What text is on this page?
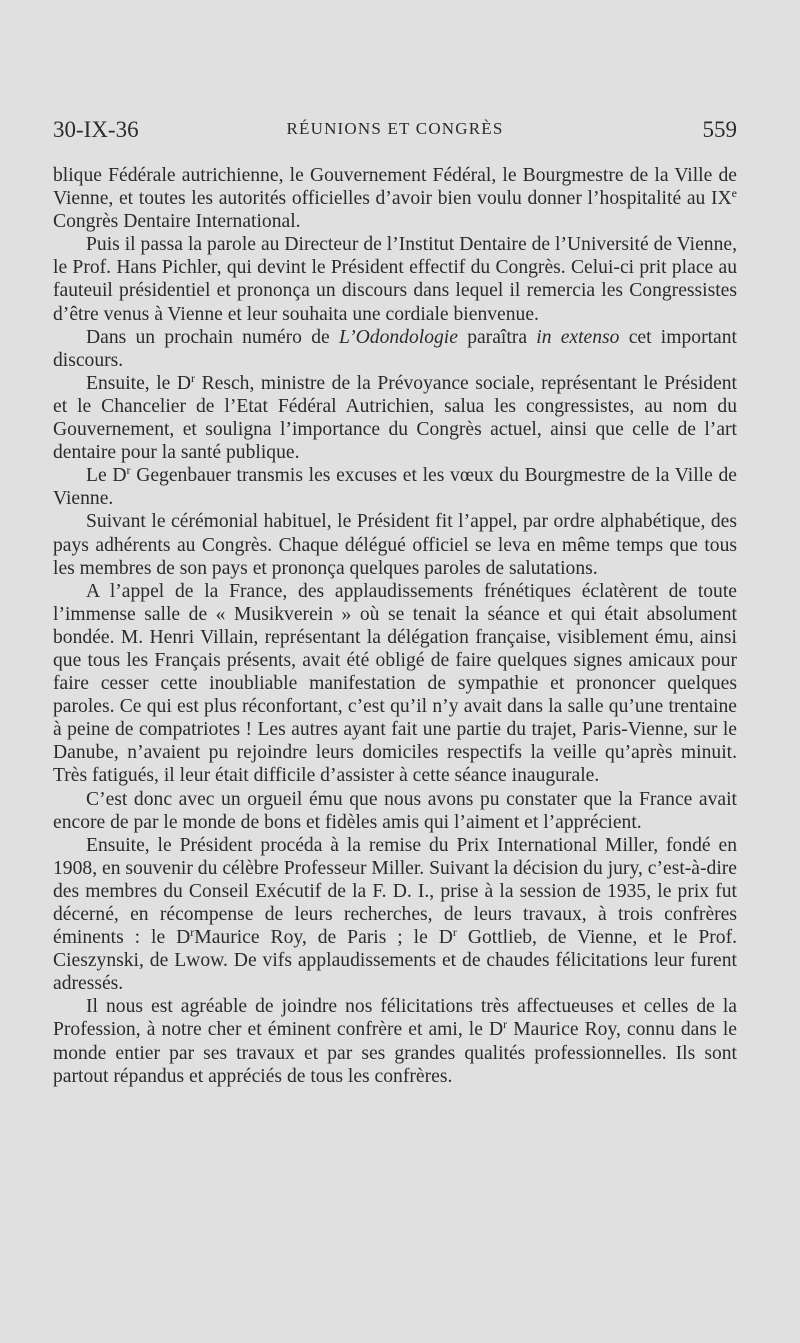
30-IX-36	RÉUNIONS ET CONGRÈS	559

blique Fédérale autrichienne, le Gouvernement Fédéral, le Bourgmestre de la Ville de Vienne, et toutes les autorités officielles d’avoir bien voulu donner l’hospitalité au IXe Congrès Dentaire International.

Puis il passa la parole au Directeur de l’Institut Dentaire de l’Université de Vienne, le Prof. Hans Pichler, qui devint le Président effectif du Congrès. Celui-ci prit place au fauteuil présidentiel et prononça un discours dans lequel il remercia les Congressistes d’être venus à Vienne et leur souhaita une cordiale bienvenue.

Dans un prochain numéro de L’Odondologie paraîtra in extenso cet important discours.

Ensuite, le $D^r$ Resch, ministre de la Prévoyance sociale, représentant le Président et le Chancelier de l’Etat Fédéral Autrichien, salua les congressistes, au nom du Gouvernement, et souligna l’importance du Congrès actuel, ainsi que celle de l’art dentaire pour la santé publique.

Le $D^r$ Gegenbauer transmis les excuses et les vœux du Bourgmestre de la Ville de Vienne.

Suivant le cérémonial habituel, le Président fit l’appel, par ordre alphabétique, des pays adhérents au Congrès. Chaque délégué officiel se leva en même temps que tous les membres de son pays et prononça quelques paroles de salutations.

A l’appel de la France, des applaudissements frénétiques éclatèrent de toute l’immense salle de « Musikverein » où se tenait la séance et qui était absolument bondée. M. Henri Villain, représentant la délégation française, visiblement ému, ainsi que tous les Français présents, avait été obligé de faire quelques signes amicaux pour faire cesser cette inoubliable manifestation de sympathie et prononcer quelques paroles. Ce qui est plus réconfortant, c’est qu’il n’y avait dans la salle qu’une trentaine à peine de compatriotes ! Les autres ayant fait une partie du trajet, Paris-Vienne, sur le Danube, n’avaient pu rejoindre leurs domiciles respectifs la veille qu’après minuit. Très fatigués, il leur était difficile d’assister à cette séance inaugurale.

C’est donc avec un orgueil ému que nous avons pu constater que la France avait encore de par le monde de bons et fidèles amis qui l’aiment et l’apprécient.

Ensuite, le Président procéda à la remise du Prix International Miller, fondé en 1908, en souvenir du célèbre Professeur Miller. Suivant la décision du jury, c’est-à-dire des membres du Conseil Exécutif de la F. D. I., prise à la session de 1935, le prix fut décerné, en récompense de leurs recherches, de leurs travaux, à trois confrères éminents : le $D^rMaurice$ Roy, de Paris ; le $D^r$ Gottlieb, de Vienne, et le Prof. Cieszynski, de Lwow. De vifs applaudissements et de chaudes félicitations leur furent adressés.

Il nous est agréable de joindre nos félicitations très affectueuses et celles de la Profession, à notre cher et éminent confrère et ami, le $D^r$ Maurice Roy, connu dans le monde entier par ses travaux et par ses grandes qualités professionnelles. Ils sont partout répandus et appréciés de tous les confrères.
